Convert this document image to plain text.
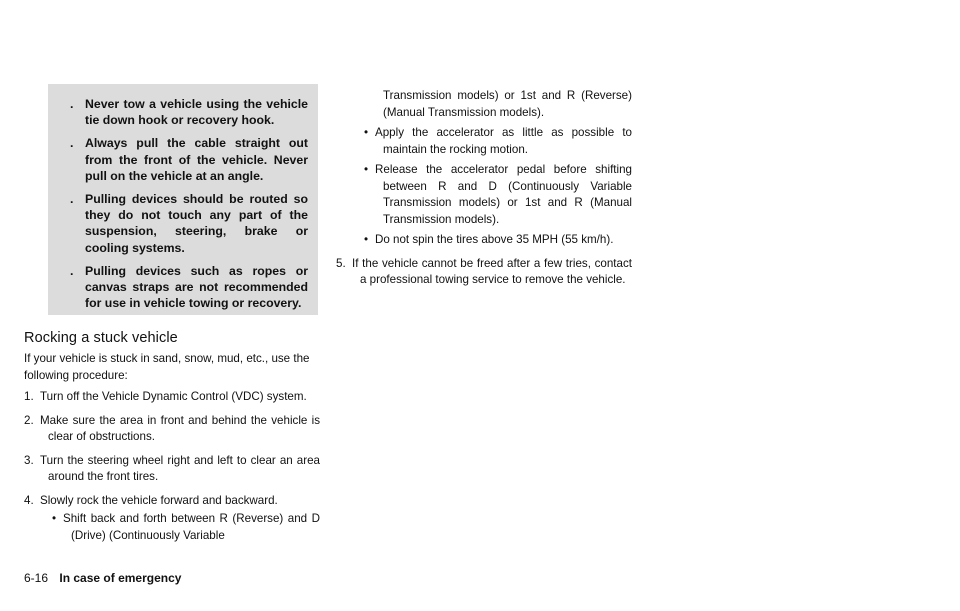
. Never tow a vehicle using the vehicle tie down hook or recovery hook.
. Always pull the cable straight out from the front of the vehicle. Never pull on the vehicle at an angle.
. Pulling devices should be routed so they do not touch any part of the suspension, steering, brake or cooling systems.
. Pulling devices such as ropes or canvas straps are not recommended for use in vehicle towing or recovery.
Rocking a stuck vehicle

If your vehicle is stuck in sand, snow, mud, etc., use the following procedure:

1. Turn off the Vehicle Dynamic Control (VDC) system.
2. Make sure the area in front and behind the vehicle is clear of obstructions.
3. Turn the steering wheel right and left to clear an area around the front tires.
4. Slowly rock the vehicle forward and backward.
• Shift back and forth between R (Reverse) and D (Drive) (Continuously Variable
Transmission models) or 1st and R (Reverse) (Manual Transmission models).
• Apply the accelerator as little as possible to maintain the rocking motion.
• Release the accelerator pedal before shifting between R and D (Continuously Variable Transmission models) or 1st and R (Manual Transmission models).
• Do not spin the tires above 35 MPH (55 km/h).
5. If the vehicle cannot be freed after a few tries, contact a professional towing service to remove the vehicle.
6-16 In case of emergency
